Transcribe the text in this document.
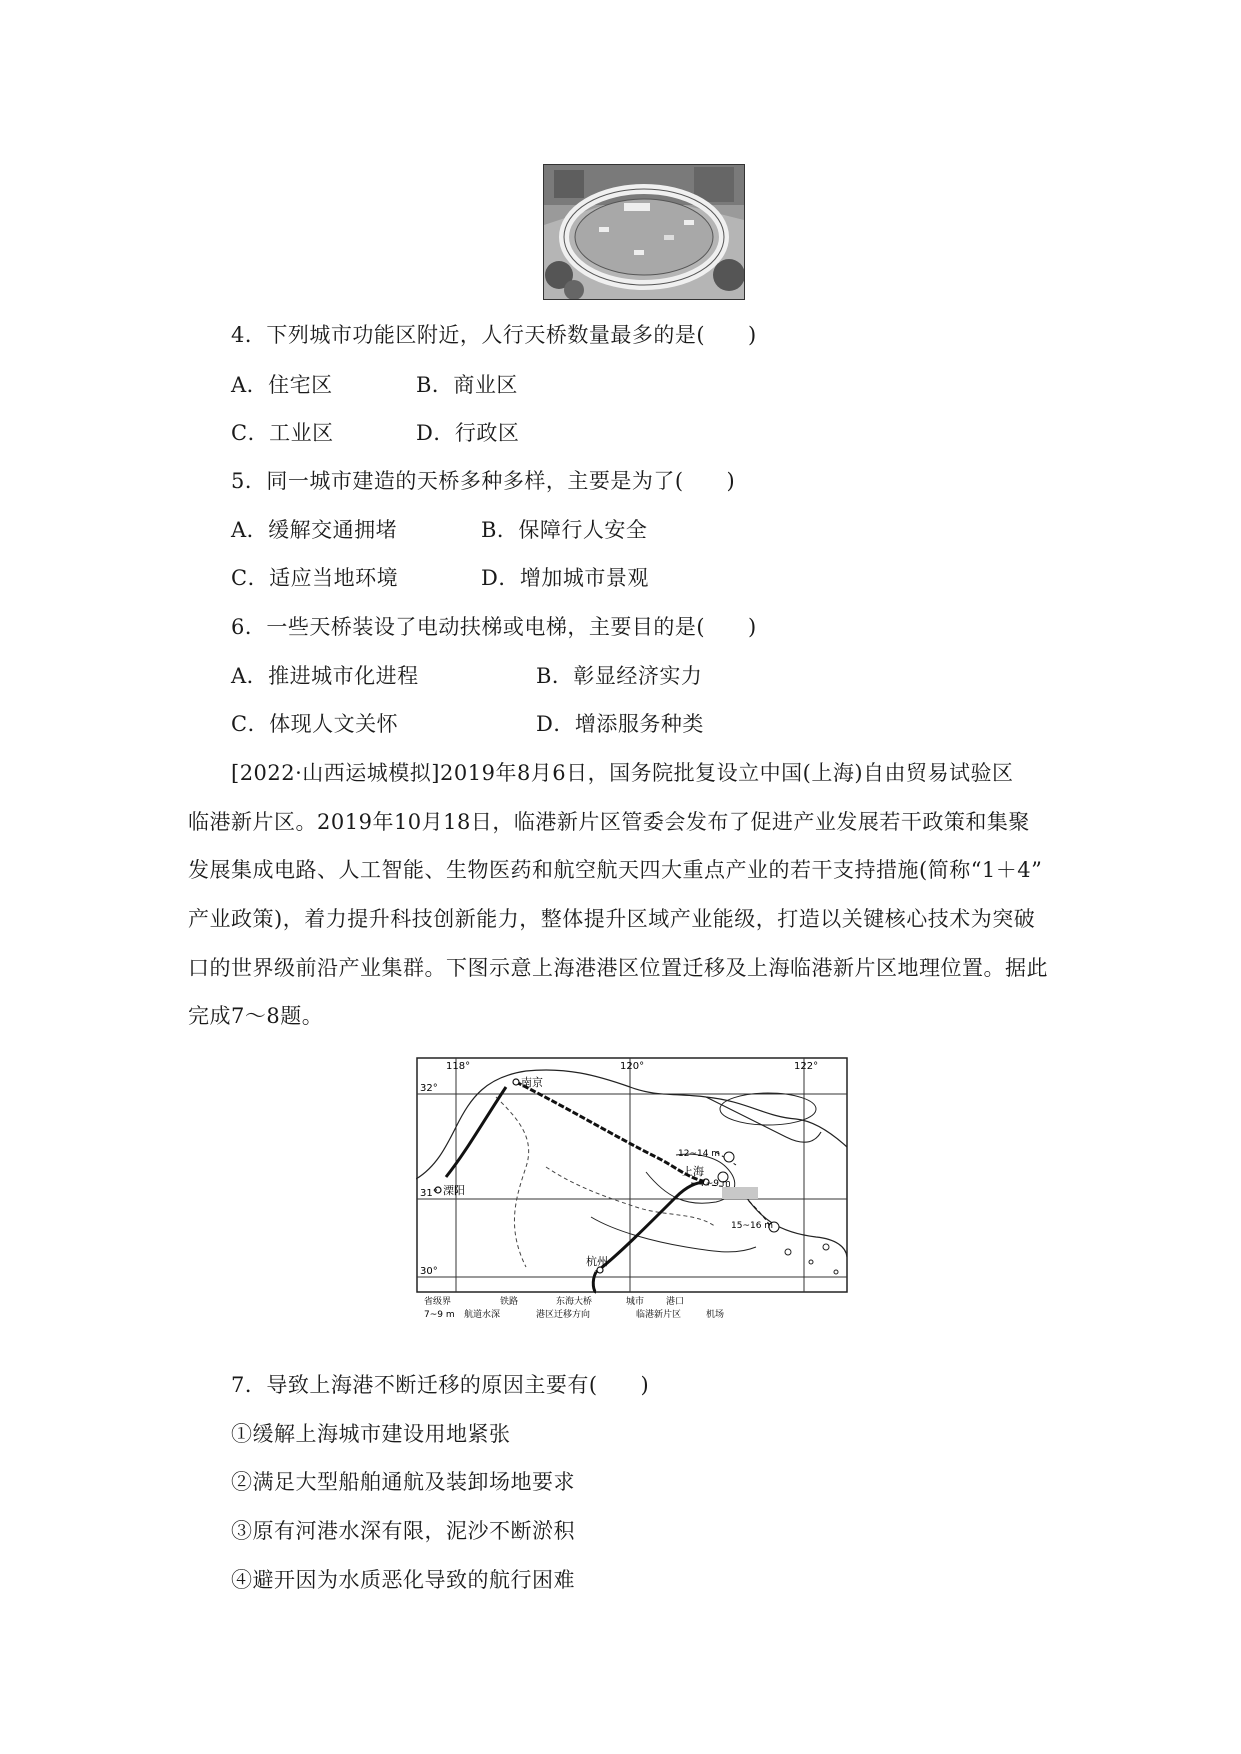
4．下列城市功能区附近，人行天桥数量最多的是(　　)
A．住宅区	B．商业区
C．工业区	D．行政区
5．同一城市建造的天桥多种多样，主要是为了(　　)
A．缓解交通拥堵	B．保障行人安全
C．适应当地环境	D．增加城市景观
6．一些天桥装设了电动扶梯或电梯，主要目的是(　　)
A．推进城市化进程	B．彰显经济实力
C．体现人文关怀	D．增添服务种类
[2022·山西运城模拟]2019年8月6日，国务院批复设立中国(上海)自由贸易试验区
临港新片区。2019年10月18日，临港新片区管委会发布了促进产业发展若干政策和集聚
发展集成电路、人工智能、生物医药和航空航天四大重点产业的若干支持措施(简称“1＋4”
产业政策)，着力提升科技创新能力，整体提升区域产业能级，打造以关键核心技术为突破
口的世界级前沿产业集群。下图示意上海港港区位置迁移及上海临港新片区地理位置。据此
完成7～8题。
118°	120°	122°
32°
31°
30°
南京
上海
溧阳
杭州
12~14 m
7~9 m
15~16 m
省级界	铁路	东海大桥	城市 港口
7~9 m 航道水深	港区迁移方向	临港新片区	机场
7．导致上海港不断迁移的原因主要有(　　)
①缓解上海城市建设用地紧张
②满足大型船舶通航及装卸场地要求
③原有河港水深有限，泥沙不断淤积
④避开因为水质恶化导致的航行困难
